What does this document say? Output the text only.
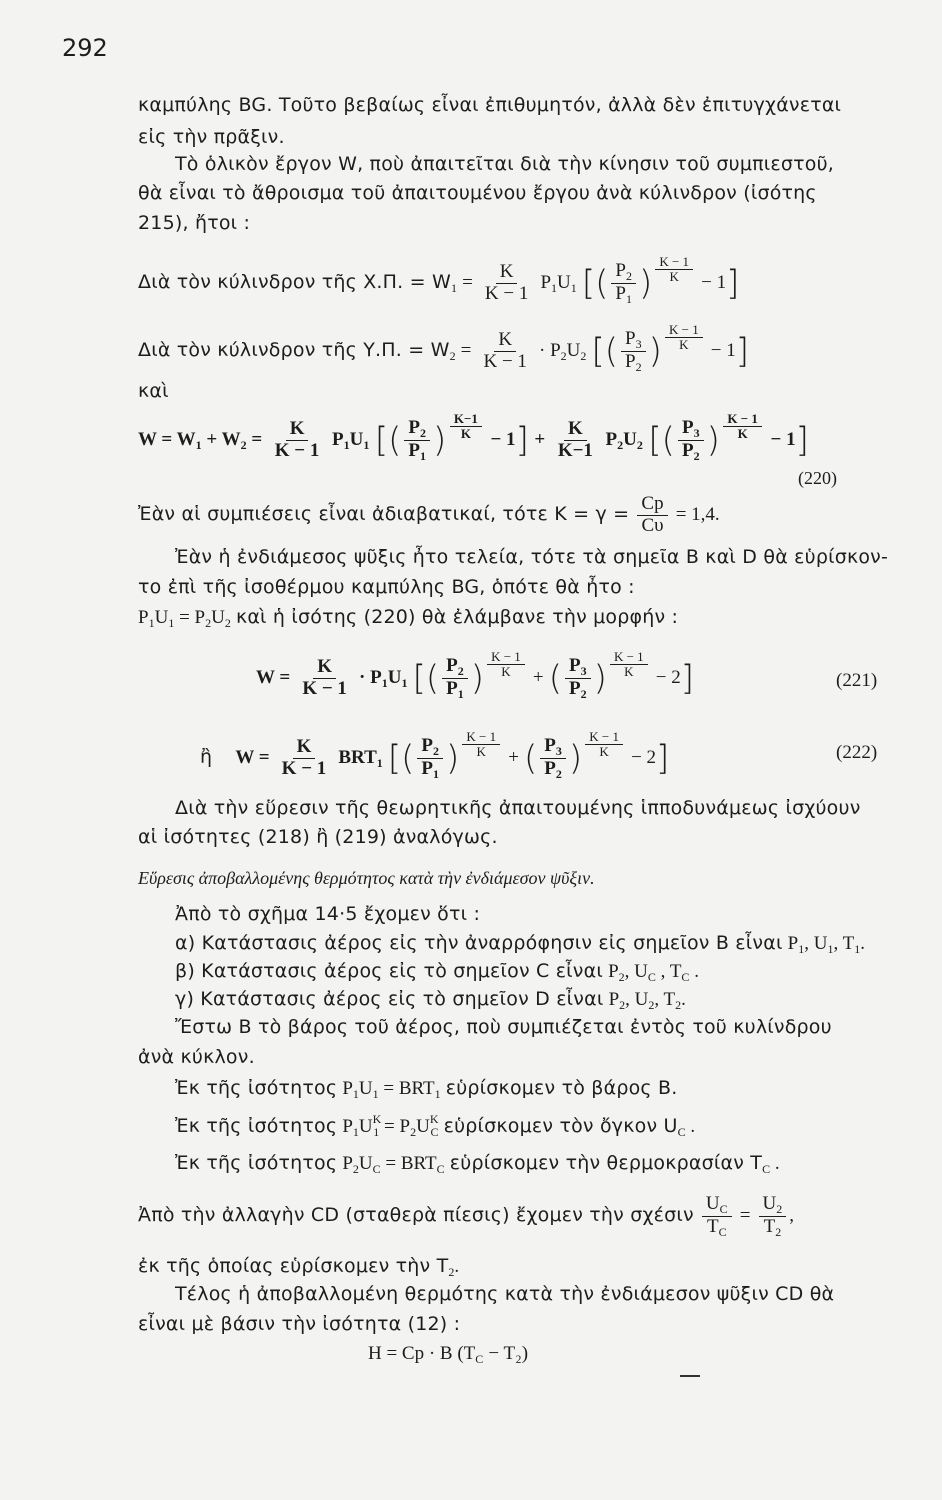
292
καμπύλης BG. Τοῦτο βεβαίως εἶναι ἐπιθυμητόν, ἀλλὰ δὲν ἐπιτυγχάνεται
εἰς τὴν πρᾶξιν.
Τὸ ὁλικὸν ἔργον W, ποὺ ἀπαιτεῖται διὰ τὴν κίνησιν τοῦ συμπιεστοῦ,
θὰ εἶναι τὸ ἄθροισμα τοῦ ἀπαιτουμένου ἔργου ἀνὰ κύλινδρον (ἰσότης
215), ἤτοι :
Διὰ τὸν κύλινδρον τῆς Χ.Π. = $W_1 = \frac{K}{K - 1} P_1U_1$ [( $\frac{P_2}{P_1}$ ) $\frac{K - 1}{K} - 1$]
Διὰ τὸν κύλινδρον τῆς Υ.Π. = $W_2 = \frac{K}{K - 1} \cdot P_2U_2$ [( $\frac{P_3}{P_2}$ ) $\frac{K - 1}{K} - 1$]
καὶ
$W = W_1 + W_2 = \frac{K}{K - 1} P_1U_1$ [( $\frac{P_2}{P_1}$ ) $\frac{K-1}{K} - 1] + \frac{K}{K-1} P_2U_2$ [( $\frac{P_3}{P_2}$ ) $\frac{K - 1}{K} - 1$]
(220)
Ἐὰν αἱ συμπιέσεις εἶναι ἀδιαβατικαί, τότε $K = \gamma = \frac{Cp}{C\upsilon} = 1,4$.
Ἐὰν ἡ ἐνδιάμεσος ψῦξις ἦτο τελεία, τότε τὰ σημεῖα B καὶ D θὰ εὑρίσκον-
το ἐπὶ τῆς ἰσοθέρμου καμπύλης BG, ὁπότε θὰ ἦτο :
$P_1U_1 = P_2U_2$ καὶ ἡ ἰσότης (220) θὰ ἐλάμβανε τὴν μορφήν :
$W = \frac{K}{K - 1} \cdot P_1U_1$ [( $\frac{P_2}{P_1}$ ) $\frac{K - 1}{K}$ + ( $\frac{P_3}{P_2}$ ) $\frac{K - 1}{K} - 2$]	(221)
ἢ $W = \frac{K}{K - 1} BRT_1$ [( $\frac{P_2}{P_1}$ ) $\frac{K - 1}{K}$ + ( $\frac{P_3}{P_2}$ ) $\frac{K - 1}{K} - 2$]	(222)
Διὰ τὴν εὕρεσιν τῆς θεωρητικῆς ἀπαιτουμένης ἱπποδυνάμεως ἰσχύουν
αἱ ἰσότητες (218) ἢ (219) ἀναλόγως.
Εὕρεσις ἀποβαλλομένης θερμότητος κατὰ τὴν ἐνδιάμεσον ψῦξιν.
Ἀπὸ τὸ σχῆμα 14·5 ἔχομεν ὅτι :
α) Κατάστασις ἀέρος εἰς τὴν ἀναρρόφησιν εἰς σημεῖον B εἶναι $P_1$, $U_1$, $T_1$.
β) Κατάστασις ἀέρος εἰς τὸ σημεῖον C εἶναι $P_2$, $U_C$ , $T_C$ .
γ) Κατάστασις ἀέρος εἰς τὸ σημεῖον D εἶναι $P_2$, $U_2$, $T_2$.
Ἔστω B τὸ βάρος τοῦ ἀέρος, ποὺ συμπιέζεται ἐντὸς τοῦ κυλίνδρου
ἀνὰ κύκλον.
Ἐκ τῆς ἰσότητος $P_1U_1 = BRT_1$ εὑρίσκομεν τὸ βάρος B.
Ἐκ τῆς ἰσότητος $P_1U^K_1 = P_2U^K_C$ εὑρίσκομεν τὸν ὄγκον $U_C$ .
Ἐκ τῆς ἰσότητος $P_2U_C = BRT_C$ εὑρίσκομεν τὴν θερμοκρασίαν $T_C$ .
Ἀπὸ τὴν ἀλλαγὴν CD (σταθερὰ πίεσις) ἔχομεν τὴν σχέσιν $\frac{U_C}{T_C} = \frac{U_2}{T_2}$ ,
ἐκ τῆς ὁποίας εὑρίσκομεν τὴν $T_2$.
Τέλος ἡ ἀποβαλλομένη θερμότης κατὰ τὴν ἐνδιάμεσον ψῦξιν CD θὰ
εἶναι μὲ βάσιν τὴν ἰσότητα (12) :
H = Cp · B $(T_C - T_2)$
